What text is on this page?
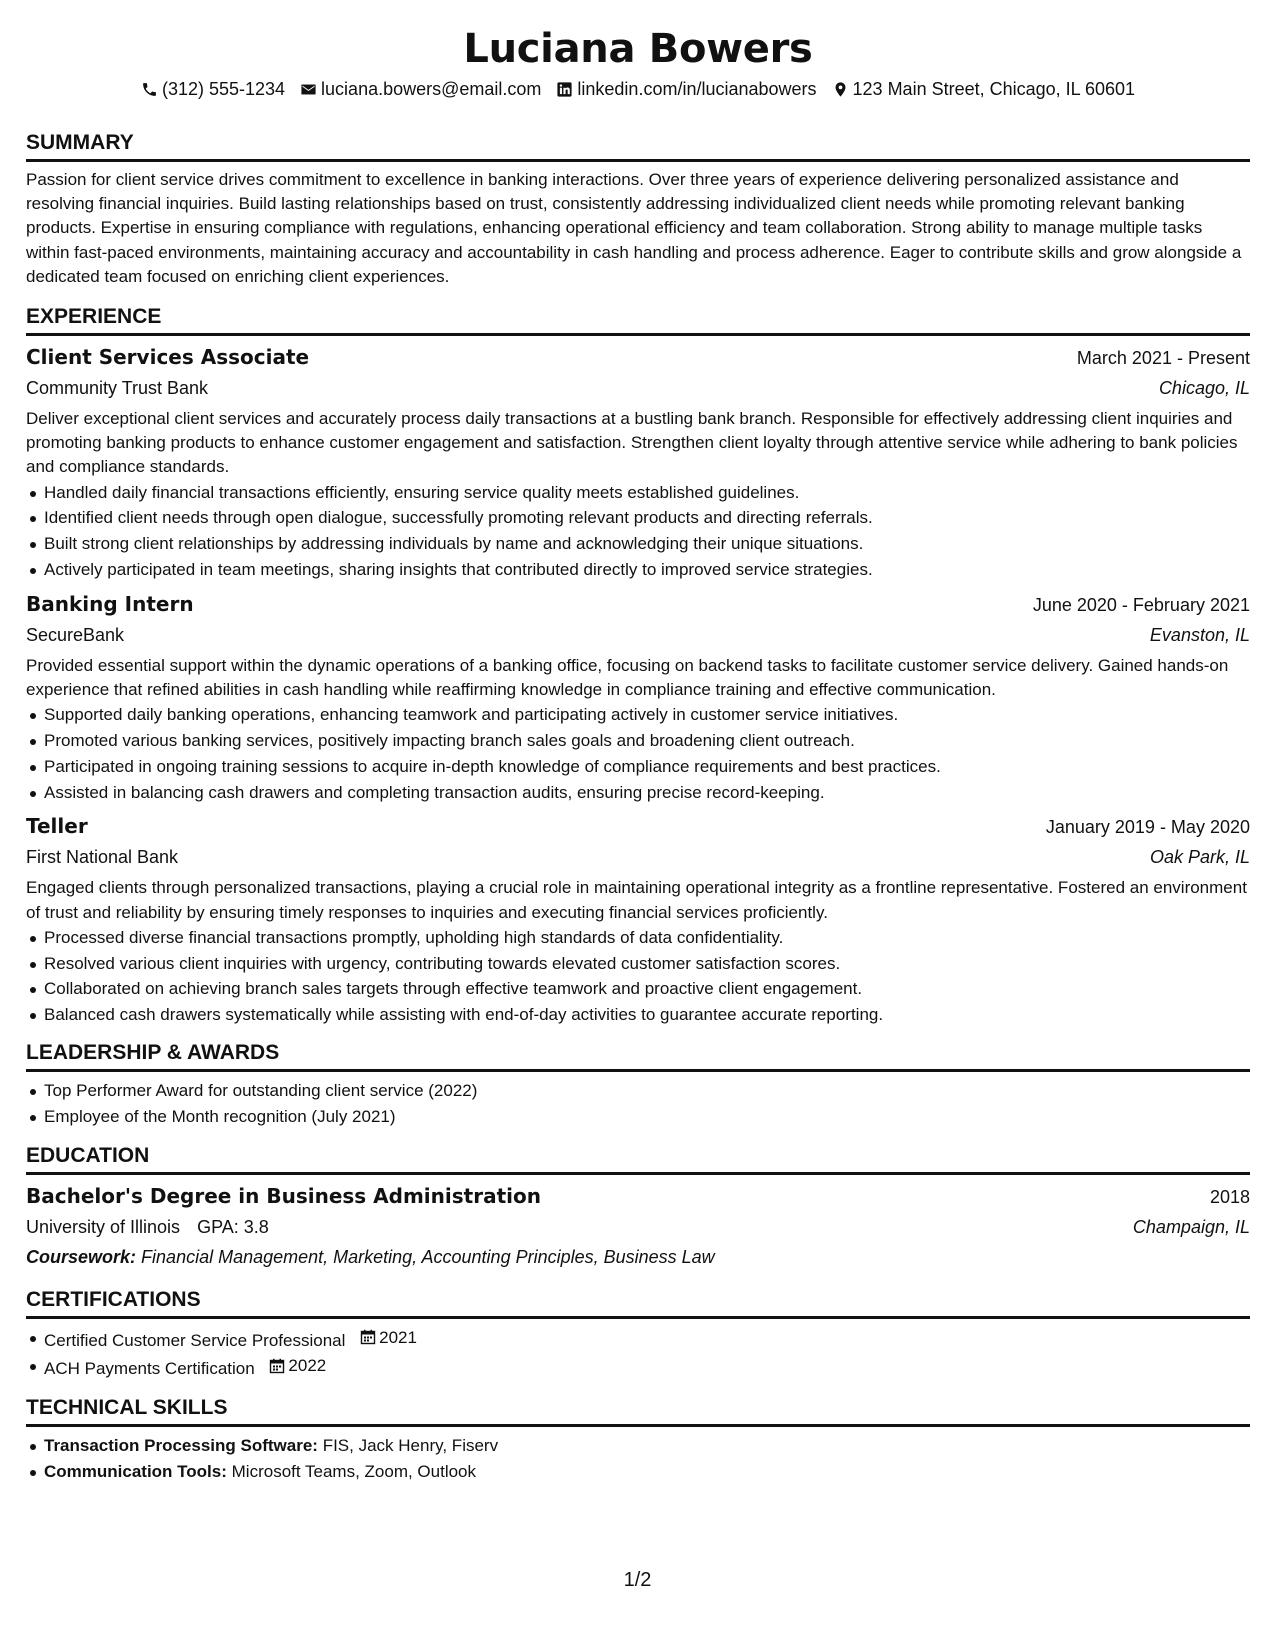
Luciana Bowers
(312) 555-1234 luciana.bowers@email.com linkedin.com/in/lucianabowers 123 Main Street, Chicago, IL 60601
SUMMARY
Passion for client service drives commitment to excellence in banking interactions. Over three years of experience delivering personalized assistance and resolving financial inquiries. Build lasting relationships based on trust, consistently addressing individualized client needs while promoting relevant banking products. Expertise in ensuring compliance with regulations, enhancing operational efficiency and team collaboration. Strong ability to manage multiple tasks within fast-paced environments, maintaining accuracy and accountability in cash handling and process adherence. Eager to contribute skills and grow alongside a dedicated team focused on enriching client experiences.
EXPERIENCE
Client Services Associate	March 2021 - Present
Community Trust Bank	Chicago, IL
Deliver exceptional client services and accurately process daily transactions at a bustling bank branch. Responsible for effectively addressing client inquiries and promoting banking products to enhance customer engagement and satisfaction. Strengthen client loyalty through attentive service while adhering to bank policies and compliance standards.
Handled daily financial transactions efficiently, ensuring service quality meets established guidelines.
Identified client needs through open dialogue, successfully promoting relevant products and directing referrals.
Built strong client relationships by addressing individuals by name and acknowledging their unique situations.
Actively participated in team meetings, sharing insights that contributed directly to improved service strategies.
Banking Intern	June 2020 - February 2021
SecureBank	Evanston, IL
Provided essential support within the dynamic operations of a banking office, focusing on backend tasks to facilitate customer service delivery. Gained hands-on experience that refined abilities in cash handling while reaffirming knowledge in compliance training and effective communication.
Supported daily banking operations, enhancing teamwork and participating actively in customer service initiatives.
Promoted various banking services, positively impacting branch sales goals and broadening client outreach.
Participated in ongoing training sessions to acquire in-depth knowledge of compliance requirements and best practices.
Assisted in balancing cash drawers and completing transaction audits, ensuring precise record-keeping.
Teller	January 2019 - May 2020
First National Bank	Oak Park, IL
Engaged clients through personalized transactions, playing a crucial role in maintaining operational integrity as a frontline representative. Fostered an environment of trust and reliability by ensuring timely responses to inquiries and executing financial services proficiently.
Processed diverse financial transactions promptly, upholding high standards of data confidentiality.
Resolved various client inquiries with urgency, contributing towards elevated customer satisfaction scores.
Collaborated on achieving branch sales targets through effective teamwork and proactive client engagement.
Balanced cash drawers systematically while assisting with end-of-day activities to guarantee accurate reporting.
LEADERSHIP & AWARDS
Top Performer Award for outstanding client service (2022)
Employee of the Month recognition (July 2021)
EDUCATION
Bachelor's Degree in Business Administration	2018
University of Illinois GPA: 3.8	Champaign, IL
Coursework: Financial Management, Marketing, Accounting Principles, Business Law
CERTIFICATIONS
Certified Customer Service Professional 2021
ACH Payments Certification 2022
TECHNICAL SKILLS
Transaction Processing Software: FIS, Jack Henry, Fiserv
Communication Tools: Microsoft Teams, Zoom, Outlook
1/2
